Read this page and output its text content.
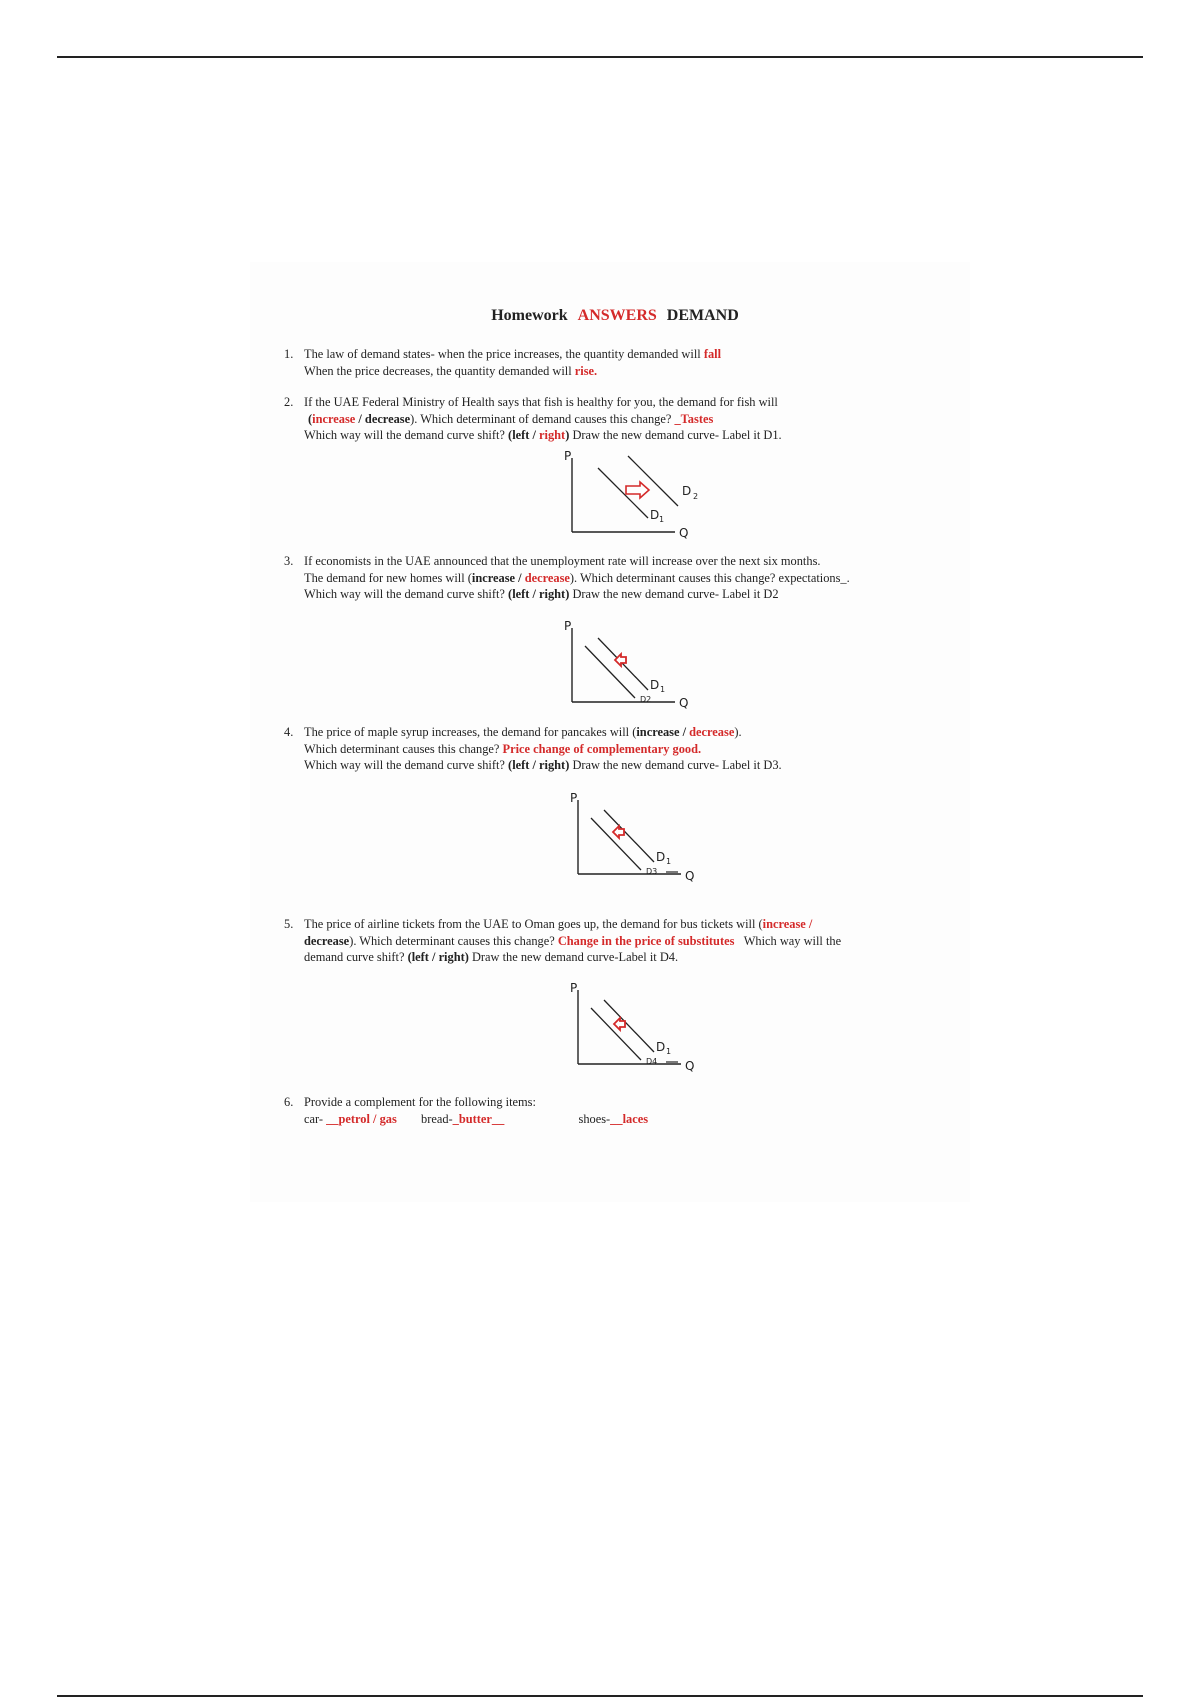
Homework ANSWERS DEMAND
1. The law of demand states- when the price increases, the quantity demanded will fall
When the price decreases, the quantity demanded will rise.
2. If the UAE Federal Ministry of Health says that fish is healthy for you, the demand for fish will
(increase / decrease). Which determinant of demand causes this change? _Tastes
Which way will the demand curve shift? (left / right) Draw the new demand curve- Label it D1.
P
Q
D 1
D 2
3. If economists in the UAE announced that the unemployment rate will increase over the next six months.
The demand for new homes will (increase / decrease). Which determinant causes this change? expectations_.
Which way will the demand curve shift? (left / right) Draw the new demand curve- Label it D2
P
Q
D 1
D2
4. The price of maple syrup increases, the demand for pancakes will (increase / decrease).
Which determinant causes this change? Price change of complementary good.
Which way will the demand curve shift? (left / right) Draw the new demand curve- Label it D3.
P
Q
D 1
D3
5. The price of airline tickets from the UAE to Oman goes up, the demand for bus tickets will (increase /
decrease). Which determinant causes this change? Change in the price of substitutes Which way will the
demand curve shift? (left / right) Draw the new demand curve-Label it D4.
P
Q
D 1
D4
6. Provide a complement for the following items:
car- __petrol / gas bread-_butter__	shoes-__laces
